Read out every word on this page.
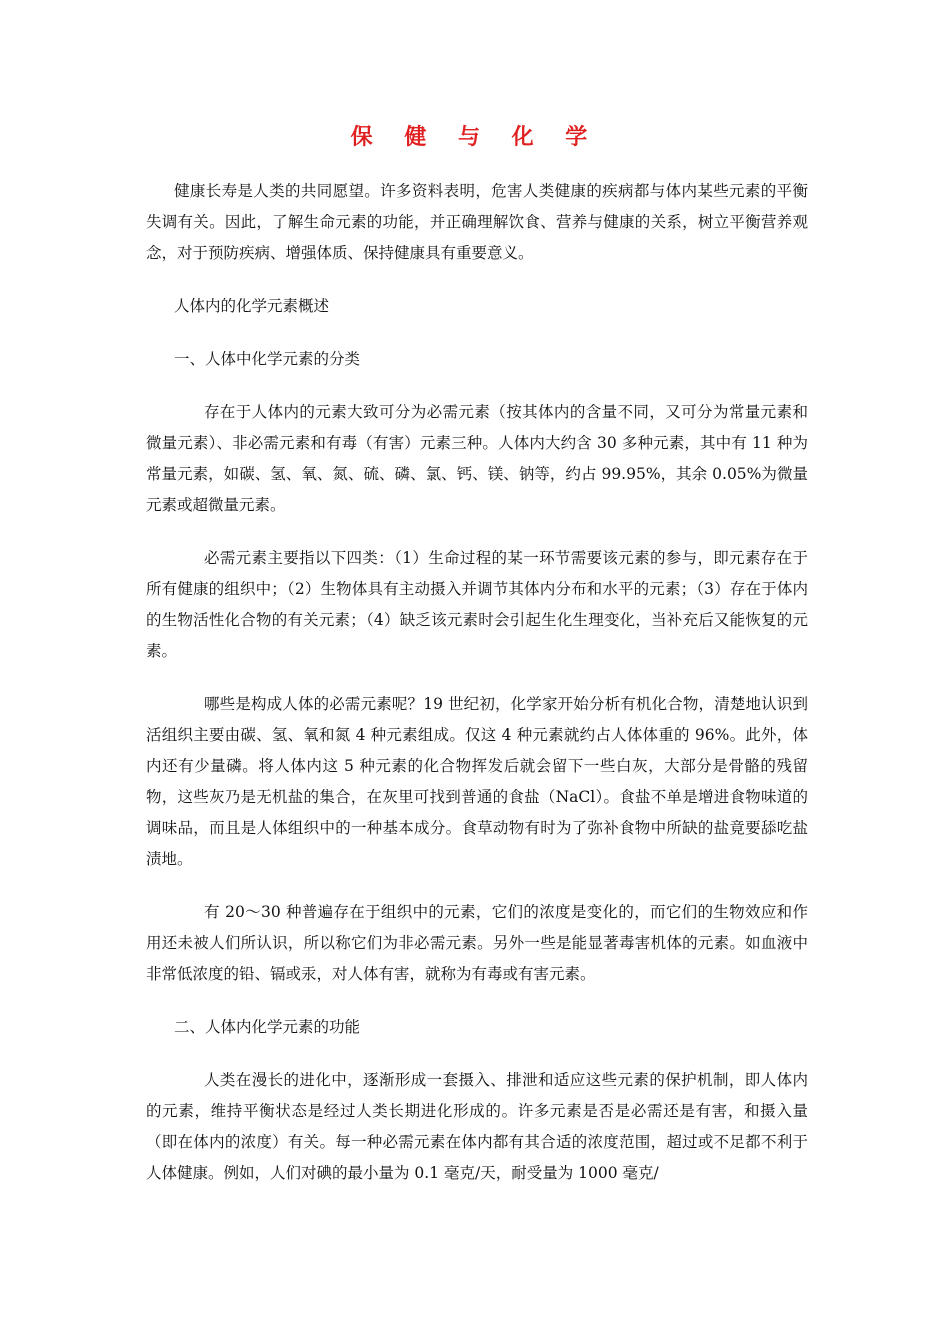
保 健 与 化 学

健康长寿是人类的共同愿望。许多资料表明，危害人类健康的疾病都与体内某些元素的平衡失调有关。因此，了解生命元素的功能，并正确理解饮食、营养与健康的关系，树立平衡营养观念，对于预防疾病、增强体质、保持健康具有重要意义。

人体内的化学元素概述

一、人体中化学元素的分类

存在于人体内的元素大致可分为必需元素（按其体内的含量不同，又可分为常量元素和微量元素）、非必需元素和有毒（有害）元素三种。人体内大约含 30 多种元素，其中有 11 种为常量元素，如碳、氢、氧、氮、硫、磷、氯、钙、镁、钠等，约占 99.95%，其余 0.05%为微量元素或超微量元素。

必需元素主要指以下四类：（1）生命过程的某一环节需要该元素的参与，即元素存在于所有健康的组织中；（2）生物体具有主动摄入并调节其体内分布和水平的元素；（3）存在于体内的生物活性化合物的有关元素；（4）缺乏该元素时会引起生化生理变化，当补充后又能恢复的元素。

哪些是构成人体的必需元素呢？19 世纪初，化学家开始分析有机化合物，清楚地认识到活组织主要由碳、氢、氧和氮 4 种元素组成。仅这 4 种元素就约占人体体重的 96%。此外，体内还有少量磷。将人体内这 5 种元素的化合物挥发后就会留下一些白灰，大部分是骨骼的残留物，这些灰乃是无机盐的集合，在灰里可找到普通的食盐（NaCl）。食盐不单是增进食物味道的调味品，而且是人体组织中的一种基本成分。食草动物有时为了弥补食物中所缺的盐竟要舔吃盐渍地。

有 20～30 种普遍存在于组织中的元素，它们的浓度是变化的，而它们的生物效应和作用还未被人们所认识，所以称它们为非必需元素。另外一些是能显著毒害机体的元素。如血液中非常低浓度的铅、镉或汞，对人体有害，就称为有毒或有害元素。

二、人体内化学元素的功能

人类在漫长的进化中，逐渐形成一套摄入、排泄和适应这些元素的保护机制，即人体内的元素，维持平衡状态是经过人类长期进化形成的。许多元素是否是必需还是有害，和摄入量（即在体内的浓度）有关。每一种必需元素在体内都有其合适的浓度范围，超过或不足都不利于人体健康。例如，人们对碘的最小量为 0.1 毫克/天，耐受量为 1000 毫克/
